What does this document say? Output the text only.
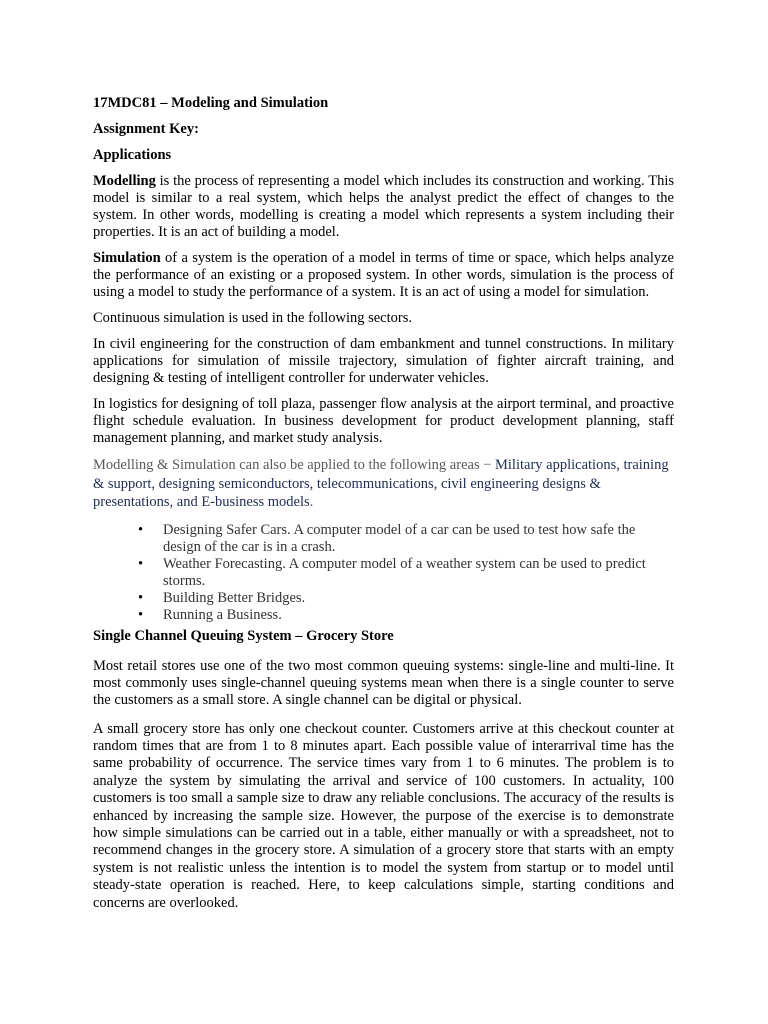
17MDC81 – Modeling and Simulation

Assignment Key:

Applications

Modelling is the process of representing a model which includes its construction and working. This model is similar to a real system, which helps the analyst predict the effect of changes to the system. In other words, modelling is creating a model which represents a system including their properties. It is an act of building a model.

Simulation of a system is the operation of a model in terms of time or space, which helps analyze the performance of an existing or a proposed system. In other words, simulation is the process of using a model to study the performance of a system. It is an act of using a model for simulation.

Continuous simulation is used in the following sectors.

In civil engineering for the construction of dam embankment and tunnel constructions. In military applications for simulation of missile trajectory, simulation of fighter aircraft training, and designing & testing of intelligent controller for underwater vehicles.

In logistics for designing of toll plaza, passenger flow analysis at the airport terminal, and proactive flight schedule evaluation. In business development for product development planning, staff management planning, and market study analysis.

Modelling & Simulation can also be applied to the following areas − Military applications, training & support, designing semiconductors, telecommunications, civil engineering designs & presentations, and E-business models.

• Designing Safer Cars. A computer model of a car can be used to test how safe the design of the car is in a crash.
• Weather Forecasting. A computer model of a weather system can be used to predict storms.
• Building Better Bridges.
• Running a Business.

Single Channel Queuing System – Grocery Store

Most retail stores use one of the two most common queuing systems: single-line and multi-line. It most commonly uses single-channel queuing systems mean when there is a single counter to serve the customers as a small store. A single channel can be digital or physical.

A small grocery store has only one checkout counter. Customers arrive at this checkout counter at random times that are from 1 to 8 minutes apart. Each possible value of interarrival time has the same probability of occurrence. The service times vary from 1 to 6 minutes. The problem is to analyze the system by simulating the arrival and service of 100 customers. In actuality, 100 customers is too small a sample size to draw any reliable conclusions. The accuracy of the results is enhanced by increasing the sample size. However, the purpose of the exercise is to demonstrate how simple simulations can be carried out in a table, either manually or with a spreadsheet, not to recommend changes in the grocery store. A simulation of a grocery store that starts with an empty system is not realistic unless the intention is to model the system from startup or to model until steady-state operation is reached. Here, to keep calculations simple, starting conditions and concerns are overlooked.
